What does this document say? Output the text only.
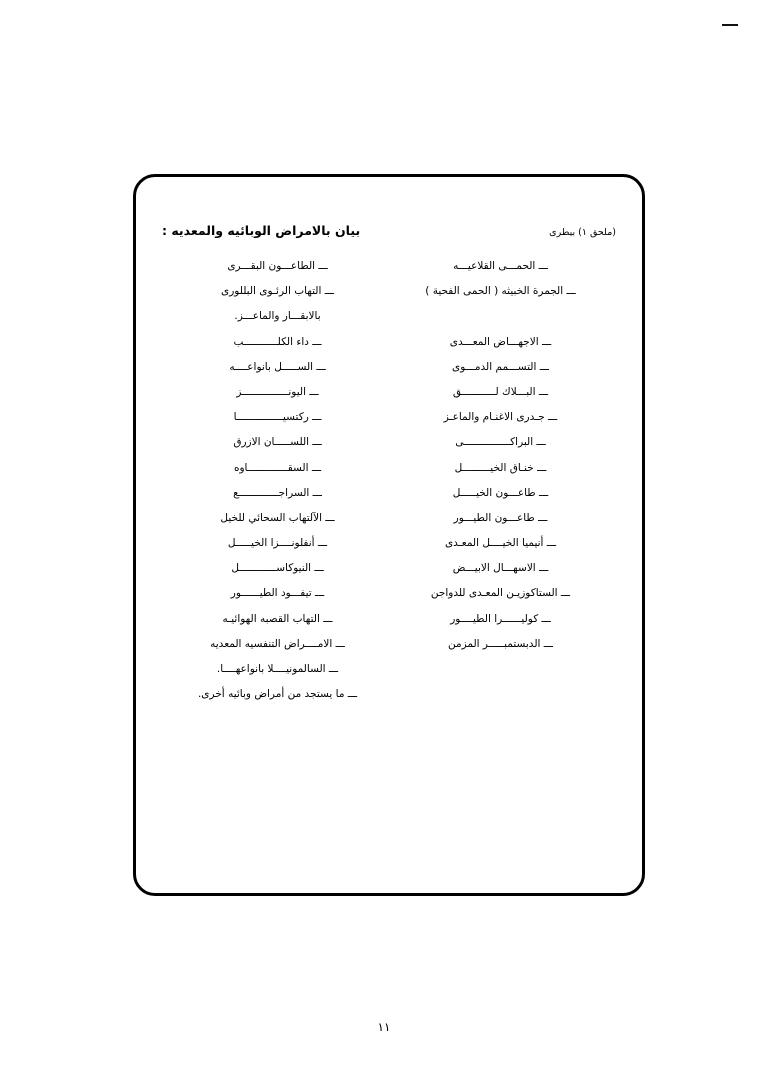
بيان بالامراض الوبائيه والمعديه :	(ملحق ١) بيطرى
ـــ الطاعـــون البقـــرى
ـــ التهاب الرئـوى البللورى
بالابقـــار والماعـــز.
ـــ داء الكلـــــــــــب
ـــ الســـــل بانواعــــه
ـــ اليونـــــــــــــــز
ـــ ركتسيـــــــــــــــا
ـــ اللســـــان الازرق
ـــ السقـــــــــــــاوه
ـــ السراجـــــــــــــع
ـــ الآلتهاب السحائي للخيل
ـــ أنفلونــــزا الخيـــــل
ـــ النيوكاســــــــــــل
ـــ تيفـــود الطيــــــور
ـــ التهاب القصبه الهوائيـه
ـــ الامــــراض التنفسيه المعديه
ـــ السالمونيــــلا بانواعهــــا.
ـــ ما يستجد من أمراض وبائيه أخرى.
ـــ الحمـــى القلاعيـــه
ـــ الجمرة الخبيثه ( الحمى الفحية )
ـــ الاجهـــاض المعـــدى
ـــ التســـمم الدمـــوى
ـــ البـــلاك لـــــــــــق
ـــ جـدرى الاغنـام والماعـز
ـــ البراكـــــــــــــــى
ـــ خنـاق الخيـــــــــل
ـــ طاعـــون الخيـــــل
ـــ طاعـــون الطيـــور
ـــ أنيميا الخيــــل المعـدى
ـــ الاسهـــال الابيـــض
ـــ الستاكوزيـن المعـدى للدواجن
ـــ كوليــــــرا الطيــــور
ـــ الدبستمبـــــر المزمن
١١
